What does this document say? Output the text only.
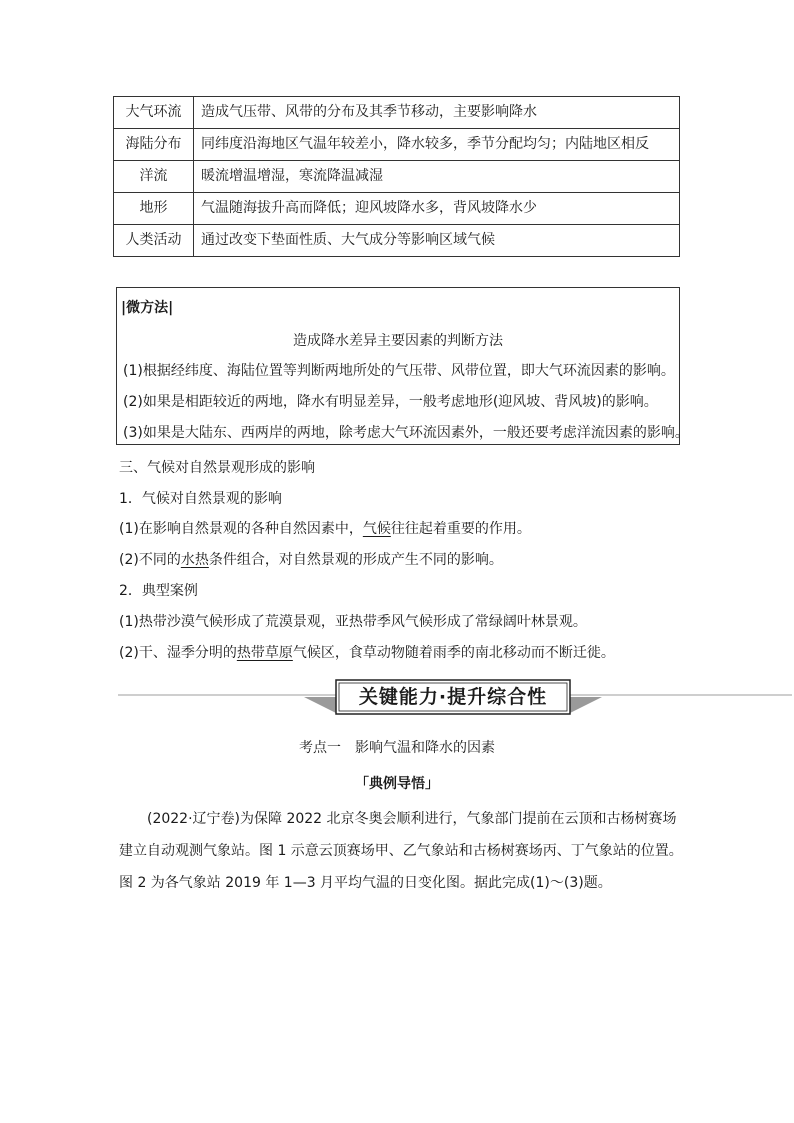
大气环流	造成气压带、风带的分布及其季节移动，主要影响降水
海陆分布	同纬度沿海地区气温年较差小，降水较多，季节分配均匀；内陆地区相反
洋流	暖流增温增湿，寒流降温减湿
地形	气温随海拔升高而降低；迎风坡降水多，背风坡降水少
人类活动	通过改变下垫面性质、大气成分等影响区域气候
|微方法|
造成降水差异主要因素的判断方法
(1)根据经纬度、海陆位置等判断两地所处的气压带、风带位置，即大气环流因素的影响。
(2)如果是相距较近的两地，降水有明显差异，一般考虑地形(迎风坡、背风坡)的影响。
(3)如果是大陆东、西两岸的两地，除考虑大气环流因素外，一般还要考虑洋流因素的影响。
三、气候对自然景观形成的影响
1．气候对自然景观的影响
(1)在影响自然景观的各种自然因素中，气候往往起着重要的作用。
(2)不同的水热条件组合，对自然景观的形成产生不同的影响。
2．典型案例
(1)热带沙漠气候形成了荒漠景观，亚热带季风气候形成了常绿阔叶林景观。
(2)干、湿季分明的热带草原气候区，食草动物随着雨季的南北移动而不断迁徙。
关键能力·提升综合性
考点一　影响气温和降水的因素
「典例导悟」
(2022·辽宁卷)为保障 2022 北京冬奥会顺利进行，气象部门提前在云顶和古杨树赛场
建立自动观测气象站。图 1 示意云顶赛场甲、乙气象站和古杨树赛场丙、丁气象站的位置。
图 2 为各气象站 2019 年 1—3 月平均气温的日变化图。据此完成(1)～(3)题。
